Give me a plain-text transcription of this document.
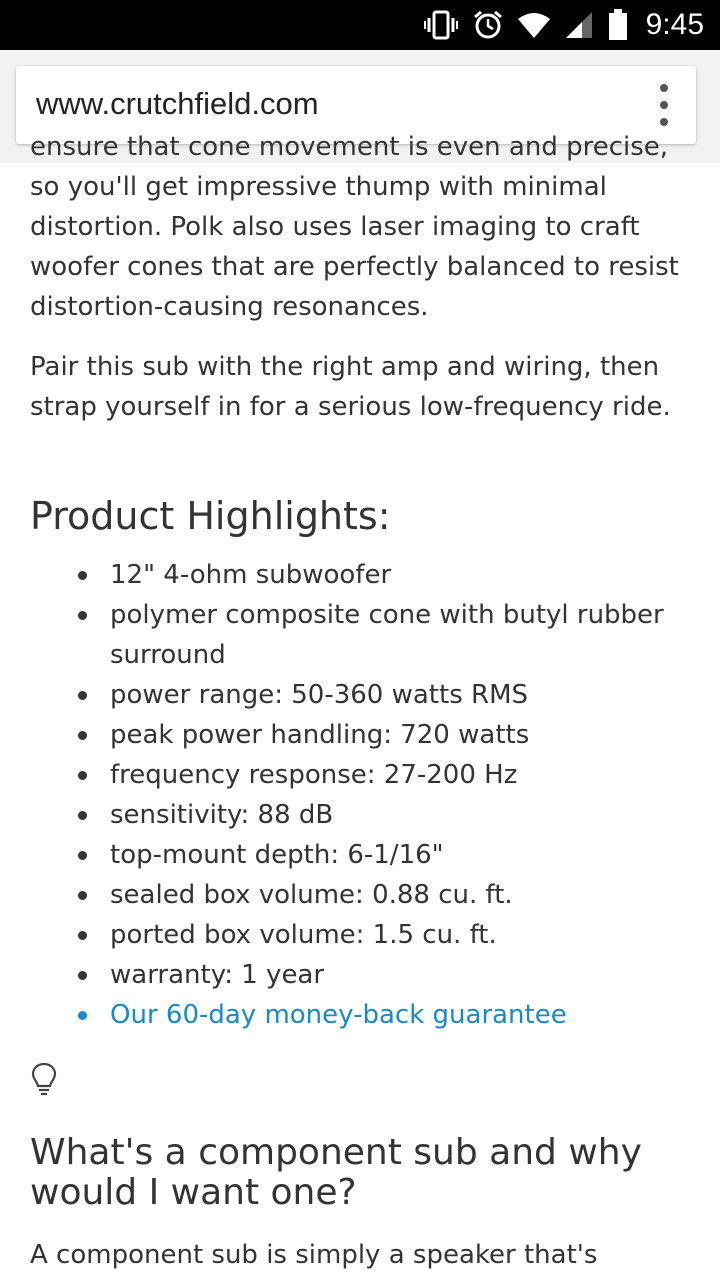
9:45
www.crutchfield.com

ensure that cone movement is even and precise,

so you'll get impressive thump with minimal distortion. Polk also uses laser imaging to craft woofer cones that are perfectly balanced to resist distortion-causing resonances.

Pair this sub with the right amp and wiring, then strap yourself in for a serious low-frequency ride.

Product Highlights:
12" 4-ohm subwoofer
polymer composite cone with butyl rubber surround
power range: 50-360 watts RMS
peak power handling: 720 watts
frequency response: 27-200 Hz
sensitivity: 88 dB
top-mount depth: 6-1/16"
sealed box volume: 0.88 cu. ft.
ported box volume: 1.5 cu. ft.
warranty: 1 year
Our 60-day money-back guarantee
What's a component sub and why would I want one?

A component sub is simply a speaker that's
